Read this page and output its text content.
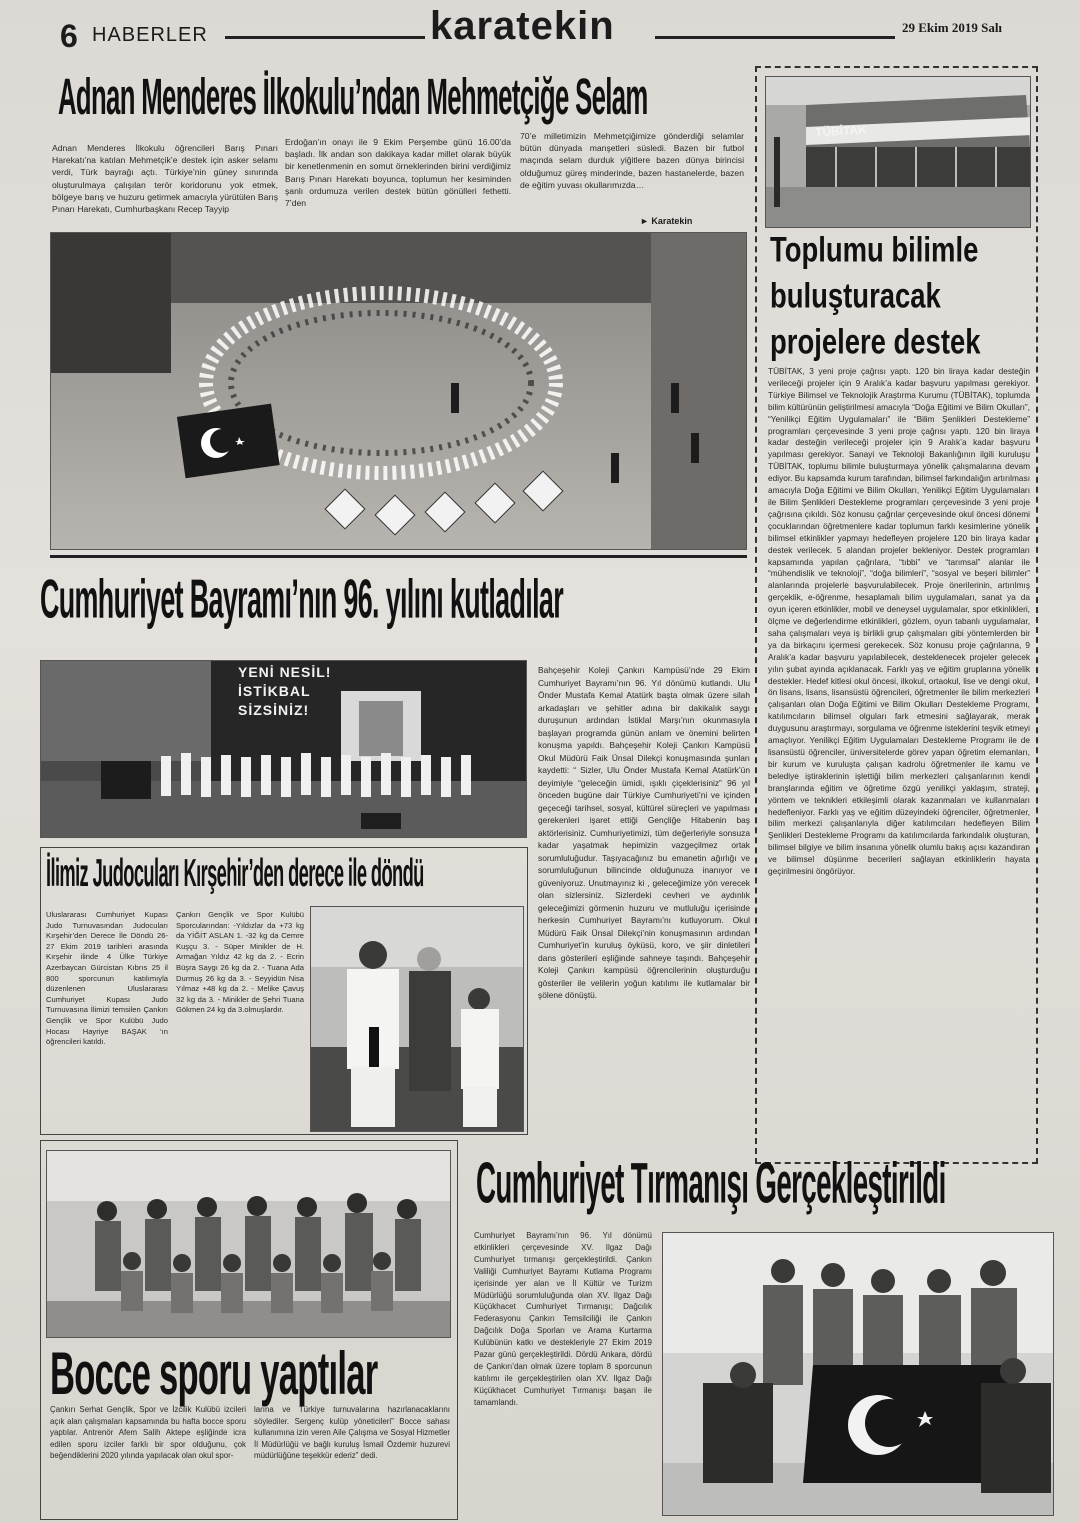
6 HABERLER	karatekin	29 Ekim 2019 Salı
Adnan Menderes İlkokulu’ndan Mehmetçiğe Selam
Adnan Menderes İlkokulu öğrencileri Barış Pınarı Harekatı’na katılan Mehmetçik’e destek için asker selamı verdi, Türk bayrağı açtı. Türkiye’nin güney sınırında oluşturulmaya çalışılan terör koridorunu yok etmek, bölgeye barış ve huzuru getirmek amacıyla yürütülen Barış Pınarı Harekatı, Cumhurbaşkanı Recep Tayyip
Erdoğan’ın onayı ile 9 Ekim Perşembe günü 16.00’da başladı. İlk andan son dakikaya kadar millet olarak büyük bir kenetlenmenin en somut örneklerinden birini verdiğimiz Barış Pınarı Harekatı boyunca, toplumun her kesiminden şanlı ordumuza verilen destek bütün gönülleri fethetti. 7’den
70’e milletimizin Mehmetçiğimize gönderdiği selamlar bütün dünyada manşetleri süsledi. Bazen bir futbol maçında selam durduk yiğitlere bazen dünya birincisi olduğumuz güreş minderinde, bazen hastanelerde, bazen de eğitim yuvası okullarımızda…
► Karatekin
TÜBİTAK
Toplumu bilimle
buluşturacak
projelere destek
TÜBİTAK, 3 yeni proje çağrısı yaptı. 120 bin liraya kadar desteğin verileceği projeler için 9 Aralık’a kadar başvuru yapılması gerekiyor. Türkiye Bilimsel ve Teknolojik Araştırma Kurumu (TÜBİTAK), toplumda bilim kültürünün geliştirilmesi amacıyla “Doğa Eğitimi ve Bilim Okulları”, “Yenilikçi Eğitim Uygulamaları” ile “Bilim Şenlikleri Destekleme” programları çerçevesinde 3 yeni proje çağrısı yaptı. 120 bin liraya kadar desteğin verileceği projeler için 9 Aralık’a kadar başvuru yapılması gerekiyor. Sanayi ve Teknoloji Bakanlığının ilgili kuruluşu TÜBİTAK, toplumu bilimle buluşturmaya yönelik çalışmalarına devam ediyor. Bu kapsamda kurum tarafından, bilimsel farkındalığın artırılması amacıyla Doğa Eğitimi ve Bilim Okulları, Yenilikçi Eğitim Uygulamaları ile Bilim Şenlikleri Destekleme programları çerçevesinde 3 yeni proje çağrısına çıkıldı. Söz konusu çağrılar çerçevesinde okul öncesi dönemi çocuklarından öğretmenlere kadar toplumun farklı kesimlerine yönelik bilimsel etkinlikler yapmayı hedefleyen projelere 120 bin liraya kadar destek verilecek. 5 alandan projeler bekleniyor. Destek programları kapsamında yapılan çağrılara, “tıbbi” ve “tarımsal” alanlar ile “mühendislik ve teknoloji”, “doğa bilimleri”, “sosyal ve beşeri bilimler” alanlarında projelerle başvurulabilecek. Proje önerilerinin, artırılmış gerçeklik, e-öğrenme, hesaplamalı bilim uygulamaları, sanat ya da oyun içeren etkinlikler, mobil ve deneysel uygulamalar, spor etkinlikleri, ölçme ve değerlendirme etkinlikleri, gözlem, oyun tabanlı uygulamalar, saha çalışmaları veya iş birlikli grup çalışmaları gibi yöntemlerden bir ya da birkaçını içermesi gerekecek. Söz konusu proje çağrılarına, 9 Aralık’a kadar başvuru yapılabilecek, desteklenecek projeler gelecek yılın şubat ayında açıklanacak. Farklı yaş ve eğitim gruplarına yönelik destekler. Hedef kitlesi okul öncesi, ilkokul, ortaokul, lise ve dengi okul, ön lisans, lisans, lisansüstü öğrencileri, öğretmenler ile bilim merkezleri çalışanları olan Doğa Eğitimi ve Bilim Okulları Destekleme Programı, katılımcıların bilimsel olguları fark etmesini sağlayarak, merak duygusunu araştırmayı, sorgulama ve öğrenme isteklerini teşvik etmeyi amaçlıyor. Yenilikçi Eğitim Uygulamaları Destekleme Programı ile de lisansüstü öğrenciler, üniversitelerde görev yapan öğretim elemanları, bir kurum ve kuruluşta çalışan kadrolu öğretmenler ile kamu ve belediye iştiraklerinin işlettiği bilim merkezleri çalışanlarının kendi branşlarında eğitim ve öğretime özgü yenilikçi yaklaşım, strateji, yöntem ve teknikleri etkileşimli olarak kazanmaları ve kullanmaları hedefleniyor. Farklı yaş ve eğitim düzeyindeki öğrenciler, öğretmenler, bilim merkezi çalışanlarıyla diğer katılımcıları hedefleyen Bilim Şenlikleri Destekleme Programı da katılımcılarda farkındalık oluşturan, bilimsel bilgiye ve bilim insanına yönelik olumlu bakış açısı kazandıran ve bilimsel düşünme becerileri sağlayan etkinliklerin hayata geçirilmesini öngörüyor.
Cumhuriyet Bayramı’nın 96. yılını kutladılar
YENİ NESİL!
İSTİKBAL
SİZSİNİZ!
Bahçeşehir Koleji Çankırı Kampüsü’nde 29 Ekim Cumhuriyet Bayramı’nın 96. Yıl dönümü kutlandı. Ulu Önder Mustafa Kemal Atatürk başta olmak üzere silah arkadaşları ve şehitler adına bir dakikalık saygı duruşunun ardından İstiklal Marşı’nın okunmasıyla başlayan programda günün anlam ve önemini belirten konuşma yapıldı. Bahçeşehir Koleji Çankırı Kampüsü Okul Müdürü Faik Ünsal Dilekçi konuşmasında şunları kaydetti: “ Sizler, Ulu Önder Mustafa Kemal Atatürk’ün deyimiyle “geleceğin ümidi, ışıklı çiçeklerisiniz” 96 yıl önceden bugüne dair Türkiye Cumhuriyeti’ni ve içinden geçeceği tarihsel, sosyal, kültürel süreçleri ve yapılması gerekenleri işaret ettiği Gençliğe Hitabenin baş aktörlerisiniz. Cumhuriyetimizi, tüm değerleriyle sonsuza kadar yaşatmak hepimizin vazgeçilmez ortak sorumluluğudur. Taşıyacağınız bu emanetin ağırlığı ve sorumluluğunun bilincinde olduğunuza inanıyor ve güveniyoruz. Unutmayınız ki , geleceğimize yön verecek olan sizlersiniz. Sizlerdeki cevheri ve aydınlık geleceğimizi görmenin huzuru ve mutluluğu içerisinde herkesin Cumhuriyet Bayramı’nı kutluyorum. Okul Müdürü Faik Ünsal Dilekçi’nin konuşmasının ardından Cumhuriyet’in kuruluş öyküsü, koro, ve şiir dinletileri dans gösterileri eşliğinde sahneye taşındı. Bahçeşehir Koleji Çankırı kampüsü öğrencilerinin oluşturduğu gösteriler ile velilerin yoğun katılımı ile kutlamalar bir şölene dönüştü.
İlimiz Judocuları Kırşehir’den derece ile döndü
Uluslararası Cumhuriyet Kupası Judo Turnuvasından Judocuları Kırşehir’den Derece İle Döndü 26-27 Ekim 2019 tarihleri arasında Kırşehir ilinde 4 Ülke Türkiye Azerbaycan Gürcistan Kıbrıs 25 il 800 sporcunun katılımıyla düzenlenen Uluslararası Cumhuriyet Kupası Judo Turnuvasına İlimizi temsilen Çankırı Gençlik ve Spor Kulübü Judo Hocası Hayriye BAŞAK ‘ın öğrencileri katıldı.
Çankırı Gençlik ve Spor Kulübü Sporcularından: -Yıldızlar da +73 kg da YİĞİT ASLAN 1. -32 kg da Cemre Kuşçu 3. - Süper Minikler de H. Armağan Yıldız 42 kg da 2. - Ecrin Büşra Saygı 26 kg da 2. - Tuana Ada Durmuş 26 kg da 3. - Seyyidün Nisa Yılmaz +48 kg da 2. - Melike Çavuş 32 kg da 3. - Minikler de Şehri Tuana Gökmen 24 kg da 3.olmuşlardır.
Bocce sporu yaptılar
Çankırı Serhat Gençlik, Spor ve İzcilik Kulübü izcileri açık alan çalışmaları kapsamında bu hafta bocce sporu yaptılar. Antrenör Afem Salih Aktepe eşliğinde icra edilen sporu izciler farklı bir spor olduğunu, çok beğendiklerini 2020 yılında yapılacak olan okul spor-
larına ve Türkiye turnuvalarına hazırlanacaklarını söylediler. Sergenç kulüp yöneticileri” Bocce sahası kullanımına izin veren Aile Çalışma ve Sosyal Hizmetler İl Müdürlüğü ve bağlı kuruluş İsmail Özdemir huzurevi müdürlüğüne teşekkür ederiz” dedi.
Cumhuriyet Tırmanışı Gerçekleştirildi
Cumhuriyet Bayramı’nın 96. Yıl dönümü etkinlikleri çerçevesinde XV. Ilgaz Dağı Cumhuriyet tırmanışı gerçekleştirildi. Çankırı Valiliği Cumhuriyet Bayramı Kutlama Programı içerisinde yer alan ve İl Kültür ve Turizm Müdürlüğü sorumluluğunda olan XV. Ilgaz Dağı Küçükhacet Cumhuriyet Tırmanışı; Dağcılık Federasyonu Çankırı Temsilciliği ile Çankırı Dağcılık Doğa Sporları ve Arama Kurtarma Kulübünün katkı ve destekleriyle 27 Ekim 2019 Pazar günü gerçekleştirildi. Dördü Ankara, dördü de Çankırı’dan olmak üzere toplam 8 sporcunun katılımı ile gerçekleştirilen olan XV. Ilgaz Dağı Küçükhacet Cumhuriyet Tırmanışı başarı ile tamamlandı.
